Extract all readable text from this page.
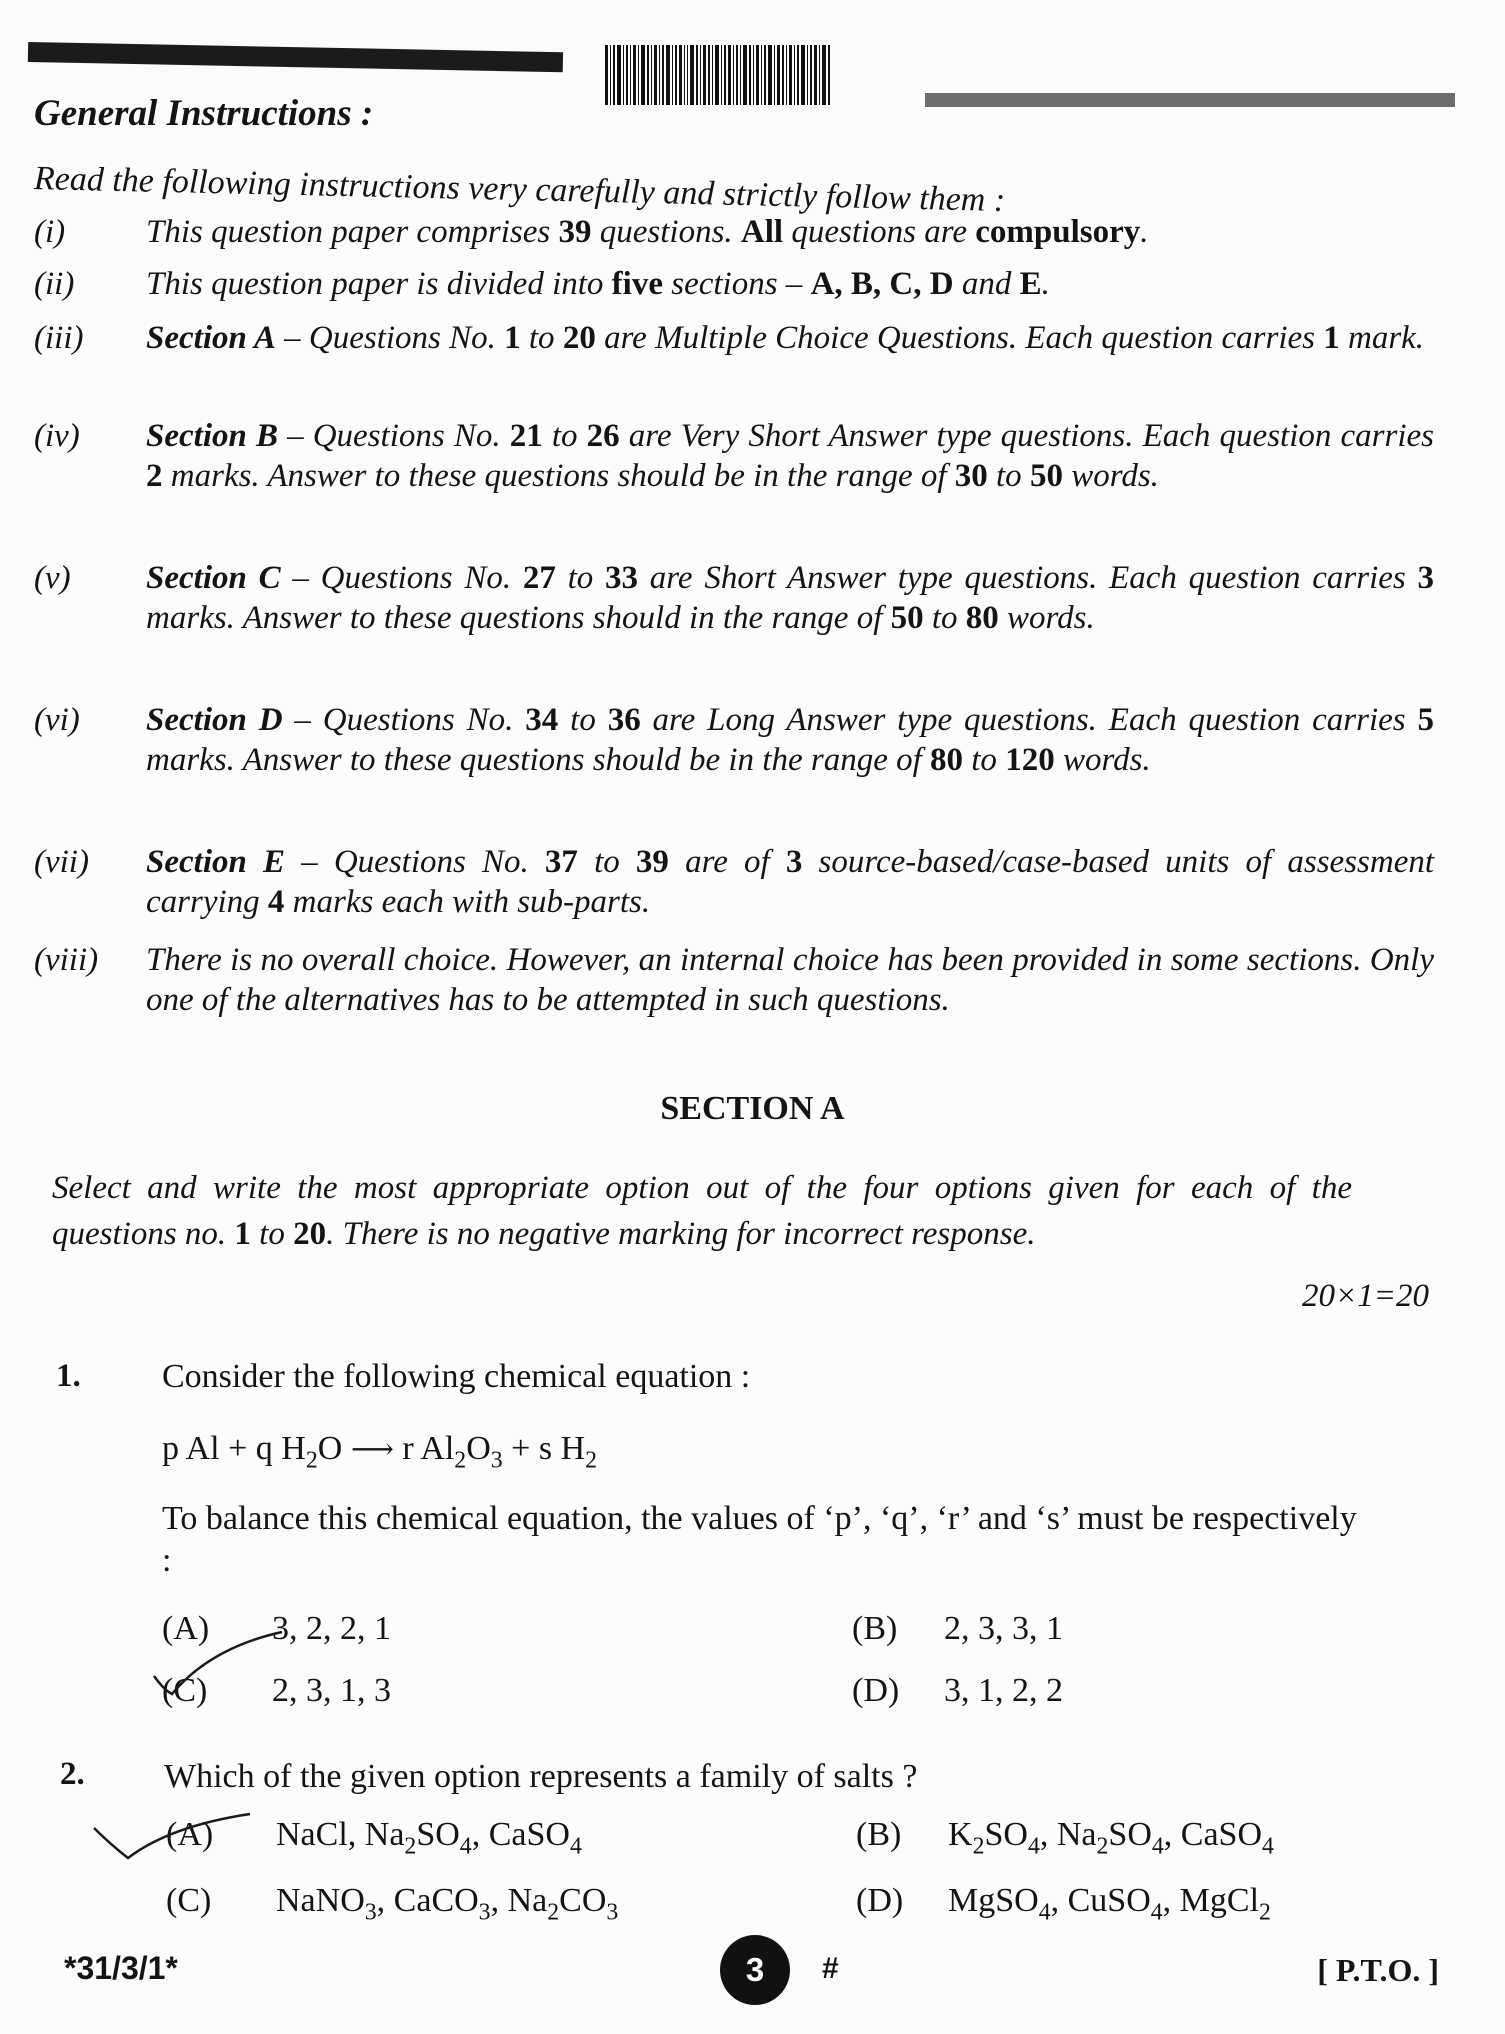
General Instructions :
Read the following instructions very carefully and strictly follow them :
(i) This question paper comprises 39 questions. All questions are compulsory.
(ii) This question paper is divided into five sections – A, B, C, D and E.
(iii) Section A – Questions No. 1 to 20 are Multiple Choice Questions. Each question carries 1 mark.
(iv) Section B – Questions No. 21 to 26 are Very Short Answer type questions. Each question carries 2 marks. Answer to these questions should be in the range of 30 to 50 words.
(v) Section C – Questions No. 27 to 33 are Short Answer type questions. Each question carries 3 marks. Answer to these questions should in the range of 50 to 80 words.
(vi) Section D – Questions No. 34 to 36 are Long Answer type questions. Each question carries 5 marks. Answer to these questions should be in the range of 80 to 120 words.
(vii) Section E – Questions No. 37 to 39 are of 3 source-based/case-based units of assessment carrying 4 marks each with sub-parts.
(viii) There is no overall choice. However, an internal choice has been provided in some sections. Only one of the alternatives has to be attempted in such questions.
SECTION A
Select and write the most appropriate option out of the four options given for each of the questions no. 1 to 20. There is no negative marking for incorrect response.
20×1=20
1. Consider the following chemical equation :
p Al + q $H_2O$ ⟶ r $Al_2O_3 + s$ $H_2$
To balance this chemical equation, the values of ‘p’, ‘q’, ‘r’ and ‘s’ must be respectively :
(A) 3, 2, 2, 1	(B) 2, 3, 3, 1
(C) 2, 3, 1, 3	(D) 3, 1, 2, 2
2. Which of the given option represents a family of salts ?
(A) NaCl, $Na_2SO_4$, CaSO$_4$	(B) $K_2SO_4$, $Na_2SO_4$, CaSO$_4$
(C) NaNO$_3$, CaCO$_3$, $Na_2CO_3$	(D) MgSO$_4$, CuSO$_4$, MgCl$_2$
*31/3/1*	3	#	[ P.T.O. ]
